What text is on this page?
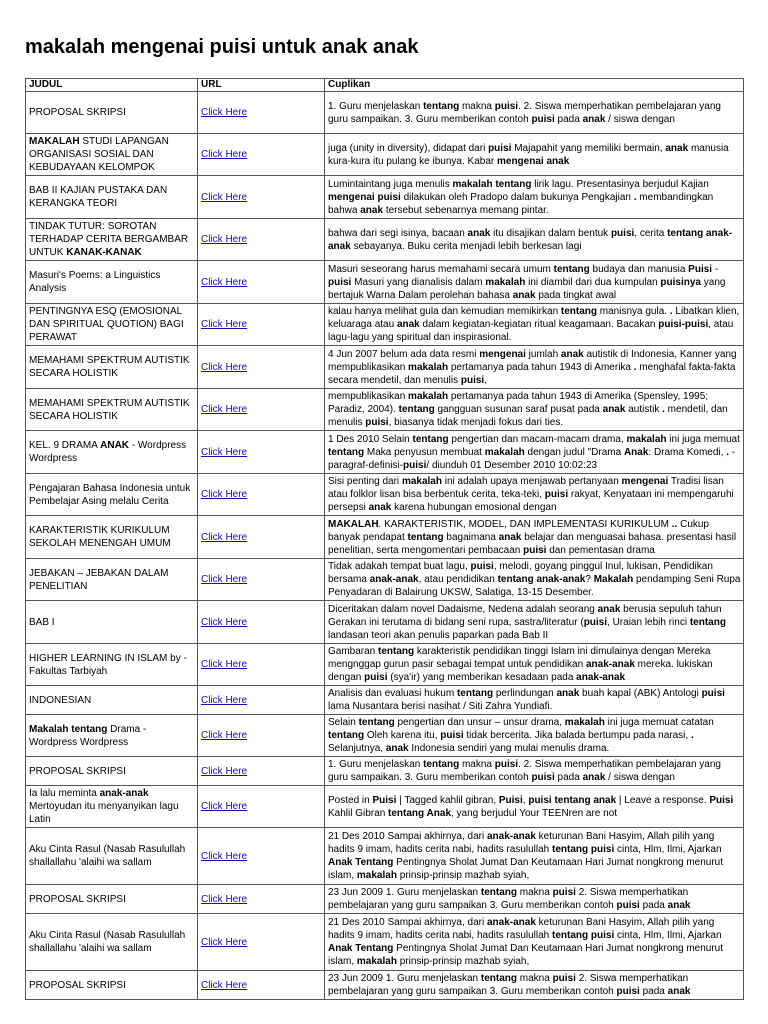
makalah mengenai puisi untuk anak anak
JUDUL	URL	Cuplikan
PROPOSAL SKRIPSI	Click Here	1. Guru menjelaskan tentang makna puisi. 2. Siswa memperhatikan pembelajaran yang guru sampaikan. 3. Guru memberikan contoh puisi pada anak / siswa dengan
MAKALAH STUDI LAPANGAN ORGANISASI SOSIAL DAN KEBUDAYAAN KELOMPOK	Click Here	juga (unity in diversity), didapat dari puisi Majapahit yang memiliki bermain, anak manusia kura-kura itu pulang ke ibunya. Kabar mengenai anak
BAB II KAJIAN PUSTAKA DAN KERANGKA TEORI	Click Here	Lumintaintang juga menulis makalah tentang lirik lagu. Presentasinya berjudul Kajian mengenai puisi dilakukan oleh Pradopo dalam bukunya Pengkajian . membandingkan bahwa anak tersebut sebenarnya memang pintar.
TINDAK TUTUR: SOROTAN TERHADAP CERITA BERGAMBAR UNTUK KANAK-KANAK	Click Here	bahwa dari segi isinya, bacaan anak itu disajikan dalam bentuk puisi, cerita tentang anak-anak sebayanya. Buku cerita menjadi lebih berkesan lagi
Masuri's Poems: a Linguistics Analysis	Click Here	Masuri seseorang harus memahami secara umum tentang budaya dan manusia Puisi - puisi Masuri yang dianalisis dalam makalah ini diambil dari dua kumpulan puisinya yang bertajuk Warna Dalam perolehan bahasa anak pada tingkat awal
PENTINGNYA ESQ (EMOSIONAL DAN SPIRITUAL QUOTION) BAGI PERAWAT	Click Here	kalau hanya melihat gula dan kemudian memikirkan tentang manisnya gula. . Libatkan klien, keluaraga atau anak dalam kegiatan-kegiatan ritual keagamaan. Bacakan puisi-puisi, atau lagu-lagu yang spiritual dan inspirasional.
MEMAHAMI SPEKTRUM AUTISTIK SECARA HOLISTIK	Click Here	4 Jun 2007 belum ada data resmi mengenai jumlah anak autistik di Indonesia, Kanner yang mempublikasikan makalah pertamanya pada tahun 1943 di Amerika . menghafal fakta-fakta secara mendetil, dan menulis puisi,
MEMAHAMI SPEKTRUM AUTISTIK SECARA HOLISTIK	Click Here	mempublikasikan makalah pertamanya pada tahun 1943 di Amerika (Spensley, 1995; Paradiz, 2004). tentang gangguan susunan saraf pusat pada anak autistik . mendetil, dan menulis puisi, biasanya tidak menjadi fokus dari ties.
KEL. 9 DRAMA ANAK - Wordpress Wordpress	Click Here	1 Des 2010 Selain tentang pengertian dan macam-macam drama, makalah ini juga memuat tentang Maka penyusun membuat makalah dengan judul "Drama Anak: Drama Komedi, . -paragraf-definisi-puisi/ diunduh 01 Desember 2010 10:02:23
Pengajaran Bahasa Indonesia untuk Pembelajar Asing melalu Cerita	Click Here	Sisi penting dari makalah ini adalah upaya menjawab pertanyaan mengenai Tradisi lisan atau folklor lisan bisa berbentuk cerita, teka-teki, puisi rakyat, Kenyataan ini mempengaruhi persepsi anak karena hubungan emosional dengan
KARAKTERISTIK KURIKULUM SEKOLAH MENENGAH UMUM	Click Here	MAKALAH. KARAKTERISTIK, MODEL, DAN IMPLEMENTASI KURIKULUM .. Cukup banyak pendapat tentang bagaimana anak belajar dan menguasai bahasa. presentasi hasil penelitian, serta mengomentari pembacaan puisi dan pementasan drama
JEBAKAN – JEBAKAN DALAM PENELITIAN	Click Here	Tidak adakah tempat buat lagu, puisi, melodi, goyang pinggul Inul, lukisan, Pendidikan bersama anak-anak, atau pendidikan tentang anak-anak? Makalah pendamping Seni Rupa Penyadaran di Balairung UKSW, Salatiga, 13-15 Desember.
BAB I	Click Here	Diceritakan dalam novel Dadaisme, Nedena adalah seorang anak berusia sepuluh tahun Gerakan ini terutama di bidang seni rupa, sastra/literatur (puisi, Uraian lebih rinci tentang landasan teori akan penulis paparkan pada Bab II
HIGHER LEARNING IN ISLAM by - Fakultas Tarbiyah	Click Here	Gambaran tentang karakteristik pendidikan tinggi Islam ini dimulainya dengan Mereka mengnggap gurun pasir sebagai tempat untuk pendidikan anak-anak mereka. lukiskan dengan puisi (sya'ir) yang memberikan kesadaan pada anak-anak
INDONESIAN	Click Here	Analisis dan evaluasi hukum tentang perlindungan anak buah kapal (ABK) Antologi puisi lama Nusantara berisi nasihat / Siti Zahra Yundiafi.
Makalah tentang Drama - Wordpress Wordpress	Click Here	Selain tentang pengertian dan unsur – unsur drama, makalah ini juga memuat catatan tentang Oleh karena itu, puisi tidak bercerita. Jika balada bertumpu pada narasi, . Selanjutnya, anak Indonesia sendiri yang mulai menulis drama.
PROPOSAL SKRIPSI	Click Here	1. Guru menjelaskan tentang makna puisi. 2. Siswa memperhatikan pembelajaran yang guru sampaikan. 3. Guru memberikan contoh puisi pada anak / siswa dengan
Ia lalu meminta anak-anak Mertoyudan itu menyanyikan lagu Latin	Click Here	Posted in Puisi | Tagged kahlil gibran, Puisi, puisi tentang anak | Leave a response. Puisi Kahlil Gibran tentang Anak, yang berjudul Your TEENren are not
Aku Cinta Rasul (Nasab Rasulullah shallallahu 'alaihi wa sallam	Click Here	21 Des 2010 Sampai akhirnya, dari anak-anak keturunan Bani Hasyim, Allah pilih yang hadits 9 imam, hadits cerita nabi, hadits rasulullah tentang puisi cinta, Hlm, Ilmi, Ajarkan Anak Tentang Pentingnya Sholat Jumat Dan Keutamaan Hari Jumat nongkrong menurut islam, makalah prinsip-prinsip mazhab syiah,
PROPOSAL SKRIPSI	Click Here	23 Jun 2009 1. Guru menjelaskan tentang makna puisi 2. Siswa memperhatikan pembelajaran yang guru sampaikan 3. Guru memberikan contoh puisi pada anak
Aku Cinta Rasul (Nasab Rasulullah shallallahu 'alaihi wa sallam	Click Here	21 Des 2010 Sampai akhirnya, dari anak-anak keturunan Bani Hasyim, Allah pilih yang hadits 9 imam, hadits cerita nabi, hadits rasulullah tentang puisi cinta, Hlm, Ilmi, Ajarkan Anak Tentang Pentingnya Sholat Jumat Dan Keutamaan Hari Jumat nongkrong menurut islam, makalah prinsip-prinsip mazhab syiah,
PROPOSAL SKRIPSI	Click Here	23 Jun 2009 1. Guru menjelaskan tentang makna puisi 2. Siswa memperhatikan pembelajaran yang guru sampaikan 3. Guru memberikan contoh puisi pada anak
